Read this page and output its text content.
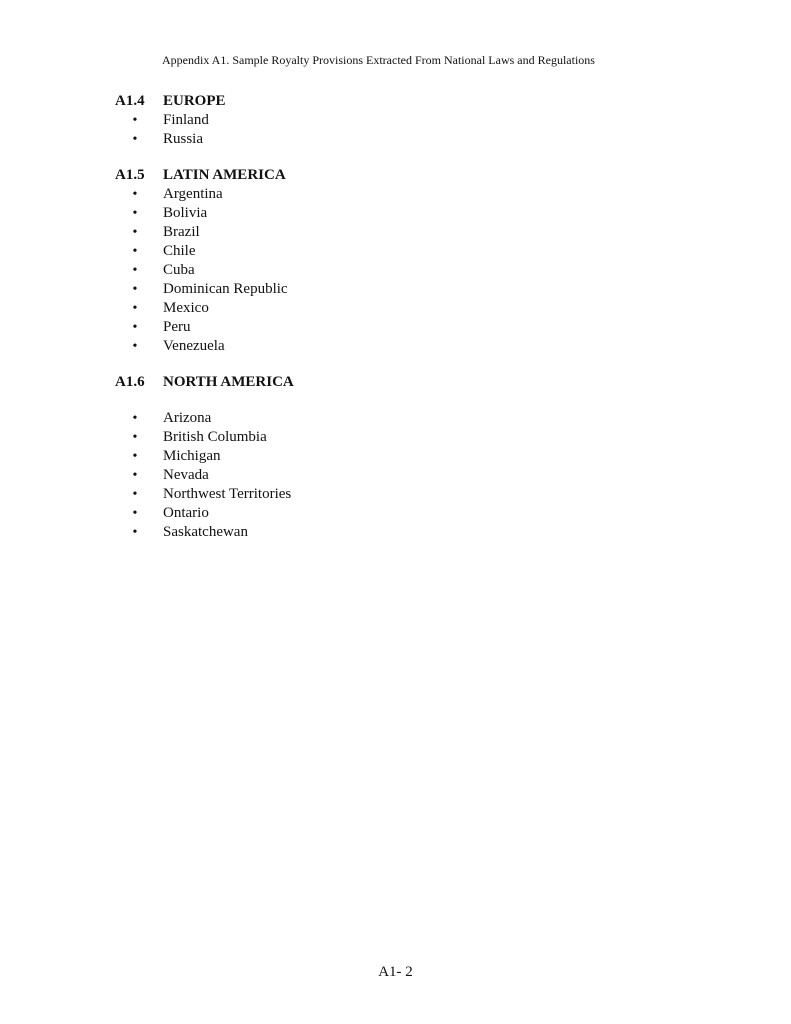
Appendix A1. Sample Royalty Provisions Extracted From National Laws and Regulations
A1.4	EUROPE
•
Finland
•
Russia
A1.5	LATIN AMERICA
•
Argentina
•
Bolivia
•
Brazil
•
Chile
•
Cuba
•
Dominican Republic
•
Mexico
•
Peru
•
Venezuela
A1.6	NORTH AMERICA
•
Arizona
•
British Columbia
•
Michigan
•
Nevada
•
Northwest Territories
•
Ontario
•
Saskatchewan
A1- 2
